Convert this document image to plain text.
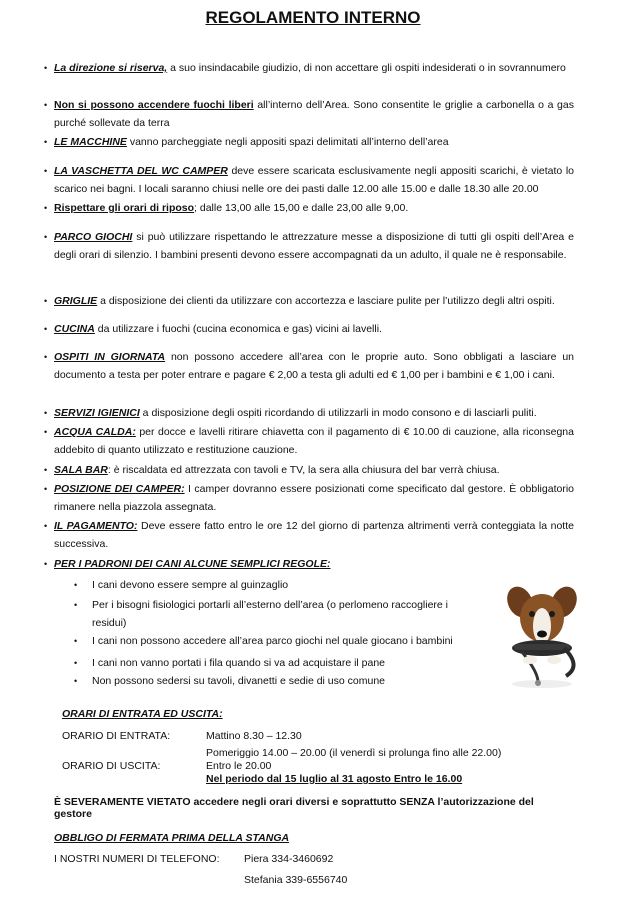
REGOLAMENTO INTERNO
• La direzione si riserva, a suo insindacabile giudizio, di non accettare gli ospiti indesiderati o in sovrannumero
• Non si possono accendere fuochi liberi all’interno dell’Area. Sono consentite le griglie a carbonella o a gas purché sollevate da terra
• LE MACCHINE vanno parcheggiate negli appositi spazi delimitati all’interno dell’area
• LA VASCHETTA DEL WC CAMPER deve essere scaricata esclusivamente negli appositi scarichi, è vietato lo scarico nei bagni. I locali saranno chiusi nelle ore dei pasti dalle 12.00 alle 15.00 e dalle 18.30 alle 20.00
• Rispettare gli orari di riposo; dalle 13,00 alle 15,00 e dalle 23,00 alle 9,00.
• PARCO GIOCHI si può utilizzare rispettando le attrezzature messe a disposizione di tutti gli ospiti dell’Area e degli orari di silenzio. I bambini presenti devono essere accompagnati da un adulto, il quale ne è responsabile.
• GRIGLIE a disposizione dei clienti da utilizzare con accortezza e lasciare pulite per l’utilizzo degli altri ospiti.
• CUCINA da utilizzare i fuochi (cucina economica e gas) vicini ai lavelli.
• OSPITI IN GIORNATA non possono accedere all’area con le proprie auto. Sono obbligati a lasciare un documento a testa per poter entrare e pagare € 2,00 a testa gli adulti ed € 1,00 per i bambini e € 1,00 i cani.
• SERVIZI IGIENICI a disposizione degli ospiti ricordando di utilizzarli in modo consono e di lasciarli puliti.
• ACQUA CALDA: per docce e lavelli ritirare chiavetta con il pagamento di € 10.00 di cauzione, alla riconsegna addebito di quanto utilizzato e restituzione cauzione.
• SALA BAR: è riscaldata ed attrezzata con tavoli e TV, la sera alla chiusura del bar verrà chiusa.
• POSIZIONE DEI CAMPER: I camper dovranno essere posizionati come specificato dal gestore. È obbligatorio rimanere nella piazzola assegnata.
• IL PAGAMENTO: Deve essere fatto entro le ore 12 del giorno di partenza altrimenti verrà conteggiata la notte successiva.
• PER I PADRONI DEI CANI ALCUNE SEMPLICI REGOLE:
• I cani devono essere sempre al guinzaglio
• Per i bisogni fisiologici portarli all’esterno dell’area (o perlomeno raccogliere i residui)
• I cani non possono accedere all’area parco giochi nel quale giocano i bambini
• I cani non vanno portati i fila quando si va ad acquistare il pane
• Non possono sedersi su tavoli, divanetti e sedie di uso comune
ORARI DI ENTRATA ED USCITA:
ORARIO DI ENTRATA:	Mattino 8.30 – 12.30
Pomeriggio 14.00 – 20.00 (il venerdì si prolunga fino alle 22.00)
ORARIO DI USCITA:	Entro le 20.00
Nel periodo dal 15 luglio al 31 agosto Entro le 16.00
È SEVERAMENTE VIETATO accedere negli orari diversi e soprattutto SENZA l’autorizzazione del gestore
OBBLIGO DI FERMATA PRIMA DELLA STANGA
I NOSTRI NUMERI DI TELEFONO: Piera 334-3460692
Stefania 339-6556740
